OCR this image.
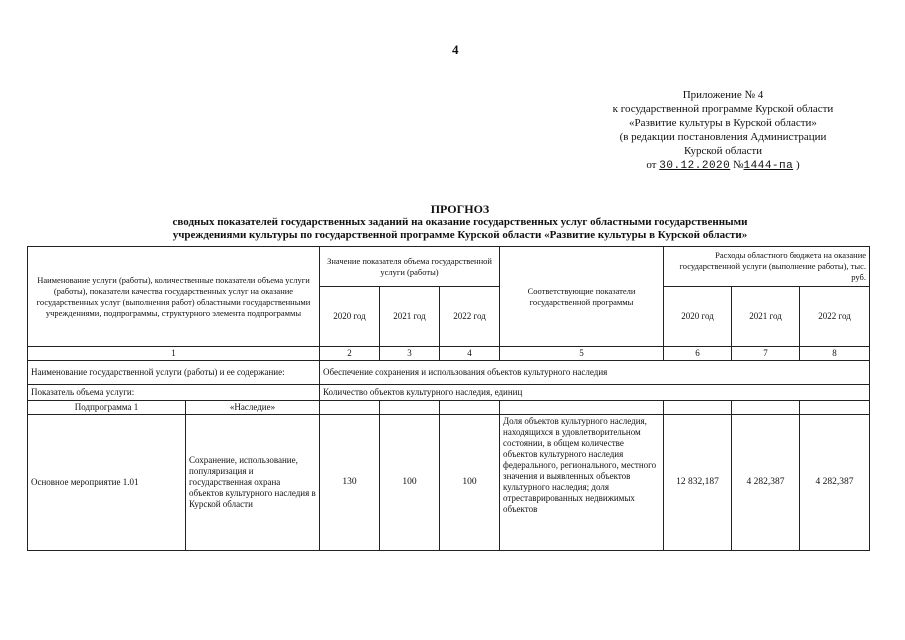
4
Приложение № 4
к государственной программе Курской области
«Развитие культуры в Курской области»
(в редакции постановления Администрации
Курской области
от 30.12.2020 №1444-па )
ПРОГНОЗ
сводных показателей государственных заданий на оказание государственных услуг областными государственными
учреждениями культуры по государственной программе Курской области «Развитие культуры в Курской области»
Наименование услуги (работы), количественные показатели объема услуги (работы), показатели качества государственных услуг на оказание государственных услуг (выполнения работ) областными государственными учреждениями, подпрограммы, структурного элемента подпрограммы		Значение показателя объема государственной услуги (работы)			Соответствующие показатели государственной программы	Расходы областного бюджета на оказание государственной услуги (выполнение работы), тыс. руб.		
		2020 год	2021 год	2022 год		2020 год	2021 год	2022 год
1		2	3	4	5	6	7	8
Наименование государственной услуги (работы) и ее содержание:		Обеспечение сохранения и использования объектов культурного наследия						
Показатель объема услуги:		Количество объектов культурного наследия, единиц						
Подпрограмма 1	«Наследие»							
Основное мероприятие 1.01	Сохранение, использование, популяризация и государственная охрана объектов культурного наследия в Курской области	130	100	100	Доля объектов культурного наследия, находящихся в удовлетворительном состоянии, в общем количестве объектов культурного наследия федерального, регионального, местного значения и выявленных объектов культурного наследия; доля отреставрированных недвижимых объектов	12 832,187	4 282,387	4 282,387
